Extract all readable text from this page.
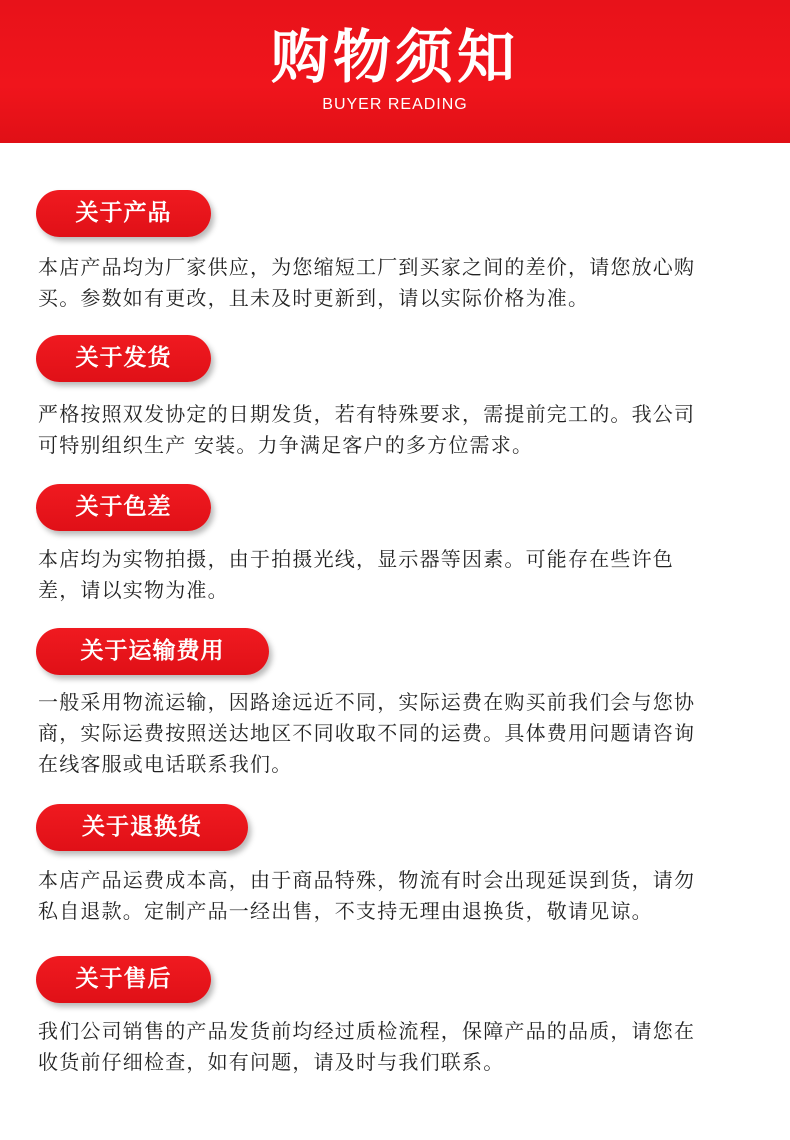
购物须知
BUYER READING
关于产品
本店产品均为厂家供应，为您缩短工厂到买家之间的差价，请您放心购
买。参数如有更改，且未及时更新到，请以实际价格为准。
关于发货
严格按照双发协定的日期发货，若有特殊要求，需提前完工的。我公司
可特别组织生产 安装。力争满足客户的多方位需求。
关于色差
本店均为实物拍摄，由于拍摄光线，显示器等因素。可能存在些许色
差，请以实物为准。
关于运输费用
一般采用物流运输，因路途远近不同，实际运费在购买前我们会与您协
商，实际运费按照送达地区不同收取不同的运费。具体费用问题请咨询
在线客服或电话联系我们。
关于退换货
本店产品运费成本高，由于商品特殊，物流有时会出现延误到货，请勿
私自退款。定制产品一经出售，不支持无理由退换货，敬请见谅。
关于售后
我们公司销售的产品发货前均经过质检流程，保障产品的品质，请您在
收货前仔细检查，如有问题，请及时与我们联系。
